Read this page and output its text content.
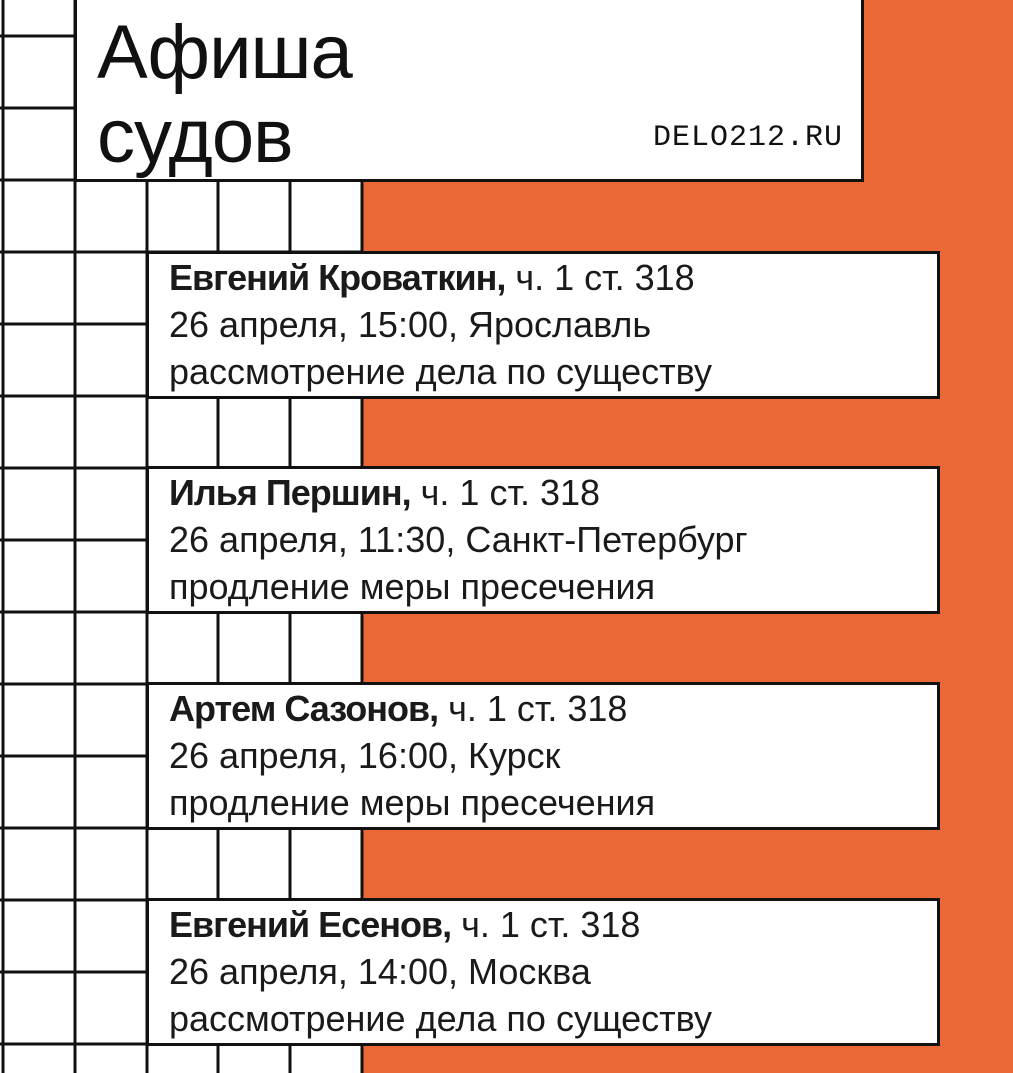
Афиша
судов	DELO212.RU
Евгений Кроваткин, ч. 1 ст. 318
26 апреля, 15:00, Ярославль
рассмотрение дела по существу
Илья Першин, ч. 1 ст. 318
26 апреля, 11:30, Санкт-Петербург
продление меры пресечения
Артем Сазонов, ч. 1 ст. 318
26 апреля, 16:00, Курск
продление меры пресечения
Евгений Есенов, ч. 1 ст. 318
26 апреля, 14:00, Москва
рассмотрение дела по существу
